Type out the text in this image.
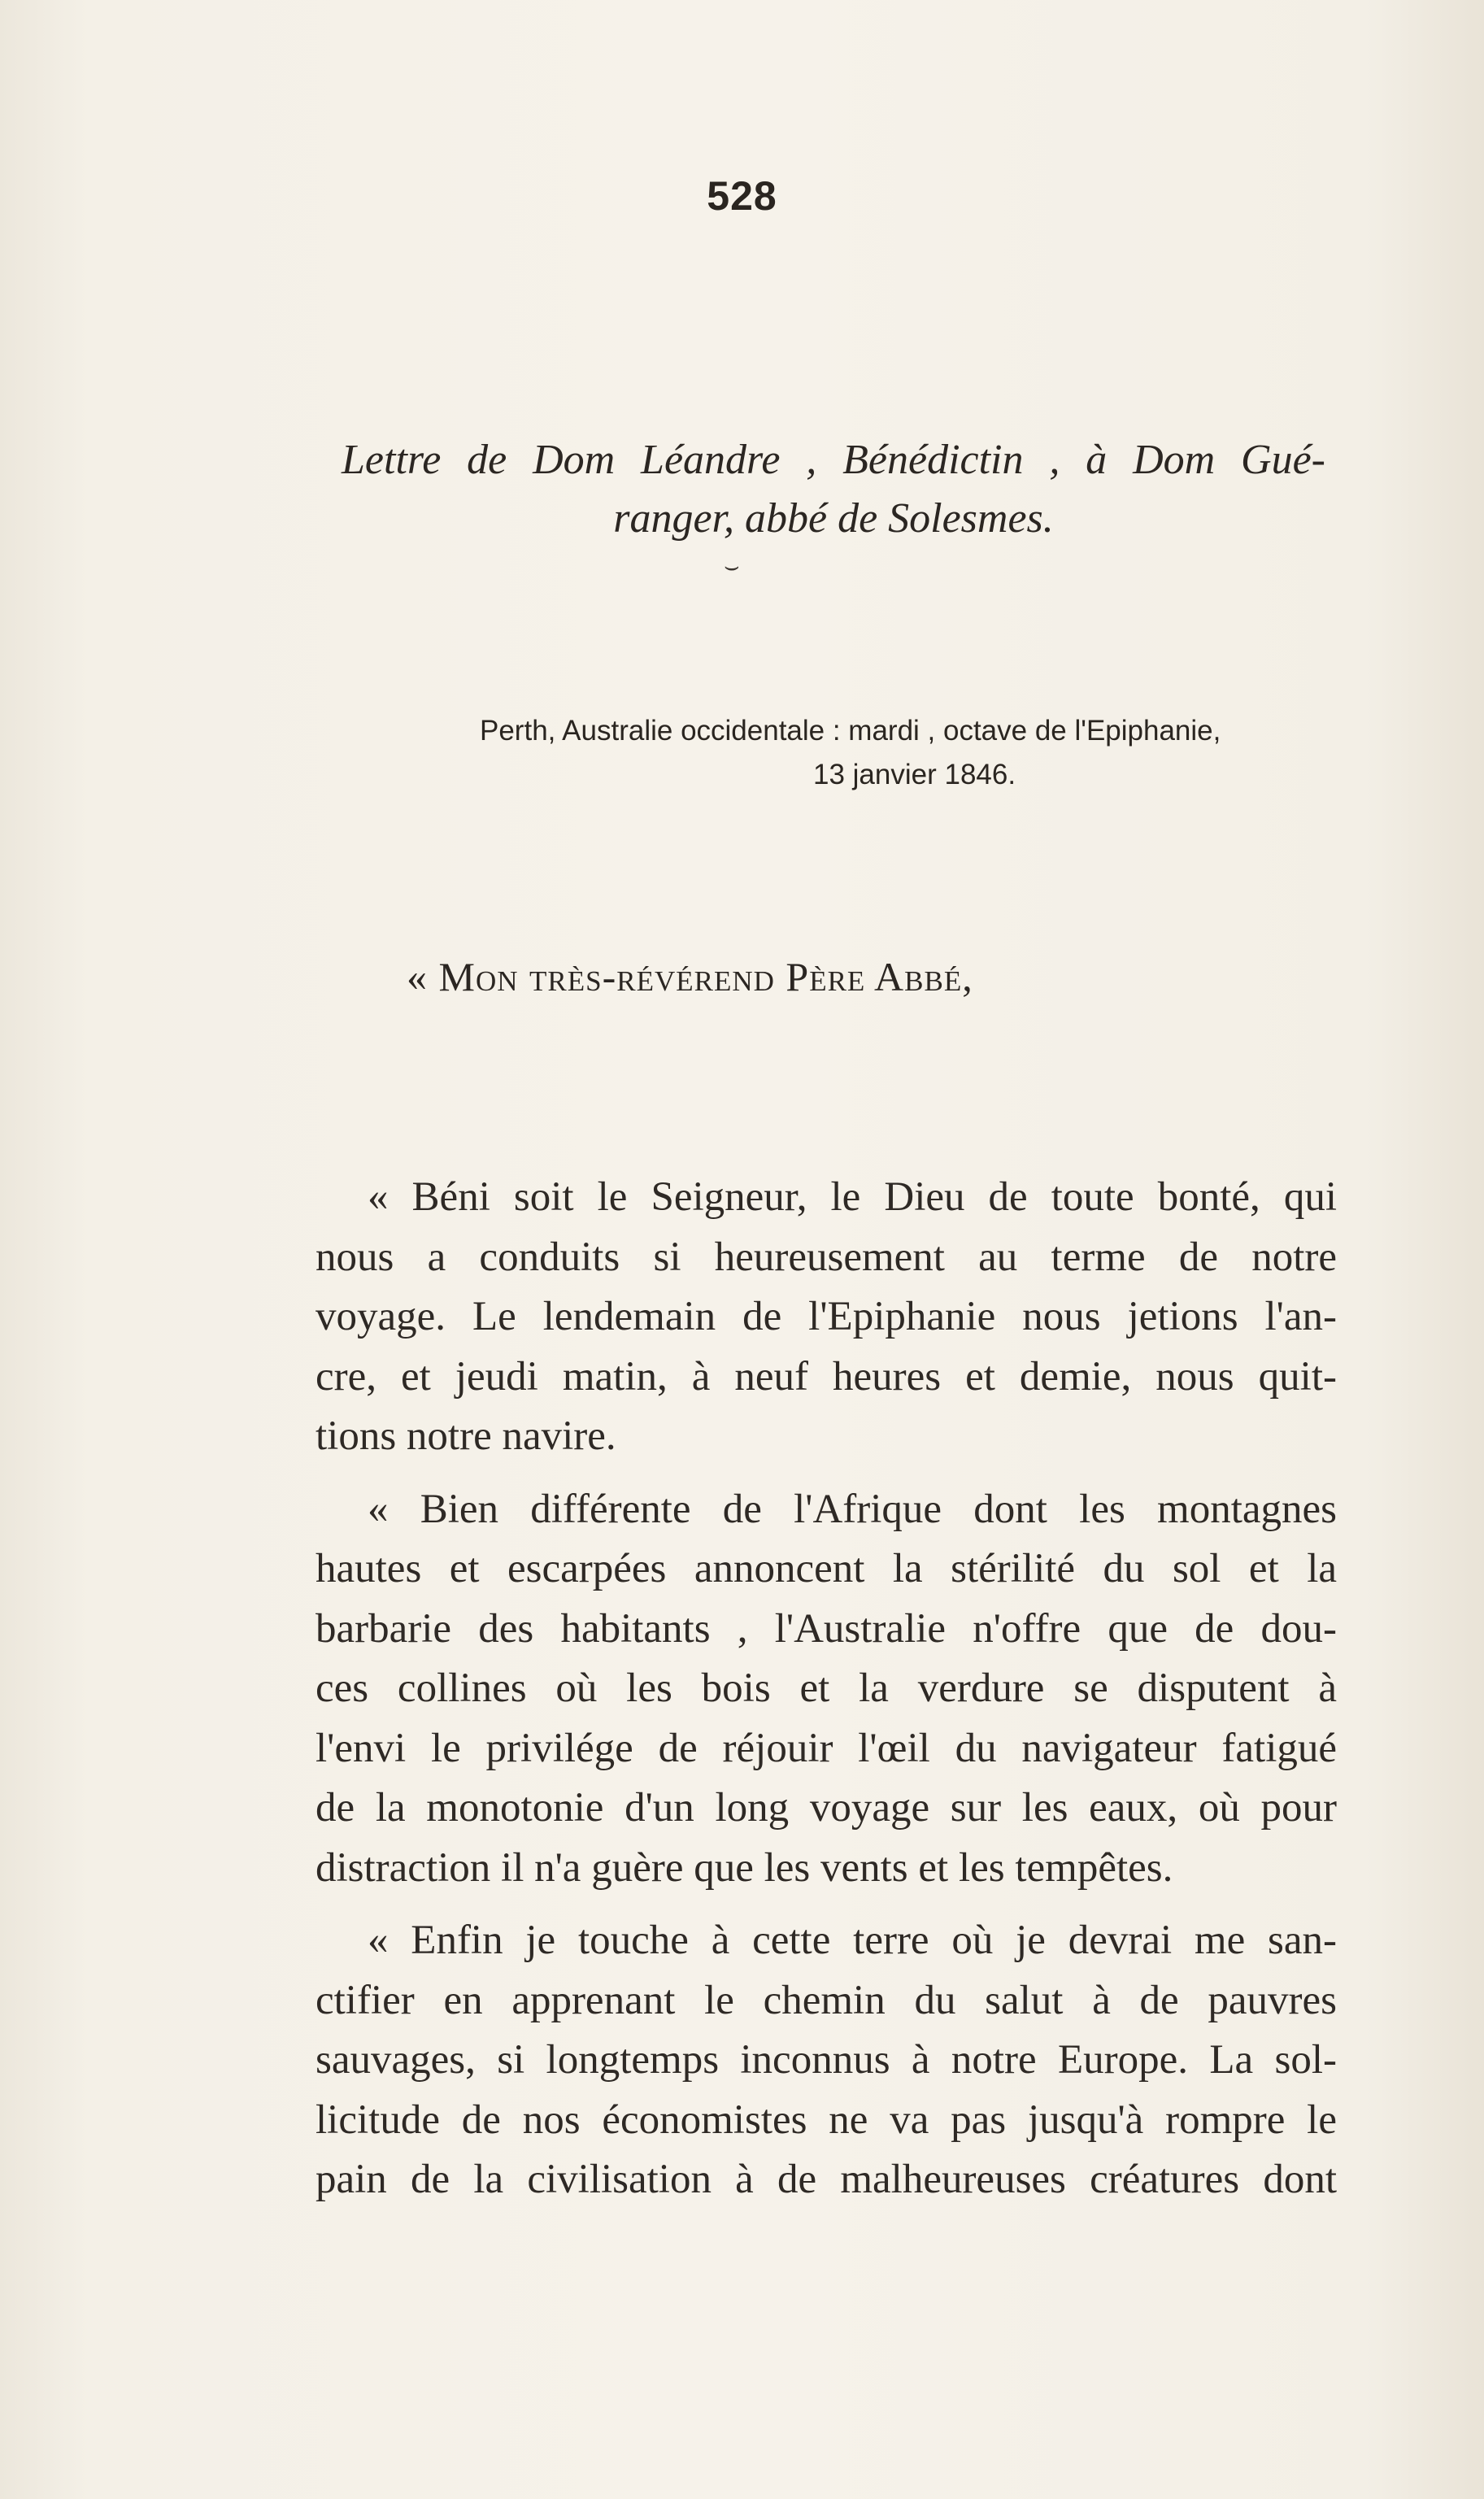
528
Lettre de Dom Léandre , Bénédictin , à Dom Gué-
ranger, abbé de Solesmes.
⌣
Perth, Australie occidentale : mardi , octave de l'Epiphanie,
13 janvier 1846.
« Mon très-révérend Père Abbé,
« Béni soit le Seigneur, le Dieu de toute bonté, qui
nous a conduits si heureusement au terme de notre
voyage. Le lendemain de l'Epiphanie nous jetions l'an-
cre, et jeudi matin, à neuf heures et demie, nous quit-
tions notre navire.
« Bien différente de l'Afrique dont les montagnes
hautes et escarpées annoncent la stérilité du sol et la
barbarie des habitants , l'Australie n'offre que de dou-
ces collines où les bois et la verdure se disputent à
l'envi le privilége de réjouir l'œil du navigateur fatigué
de la monotonie d'un long voyage sur les eaux, où pour
distraction il n'a guère que les vents et les tempêtes.
« Enfin je touche à cette terre où je devrai me san-
ctifier en apprenant le chemin du salut à de pauvres
sauvages, si longtemps inconnus à notre Europe. La sol-
licitude de nos économistes ne va pas jusqu'à rompre le
pain de la civilisation à de malheureuses créatures dont
